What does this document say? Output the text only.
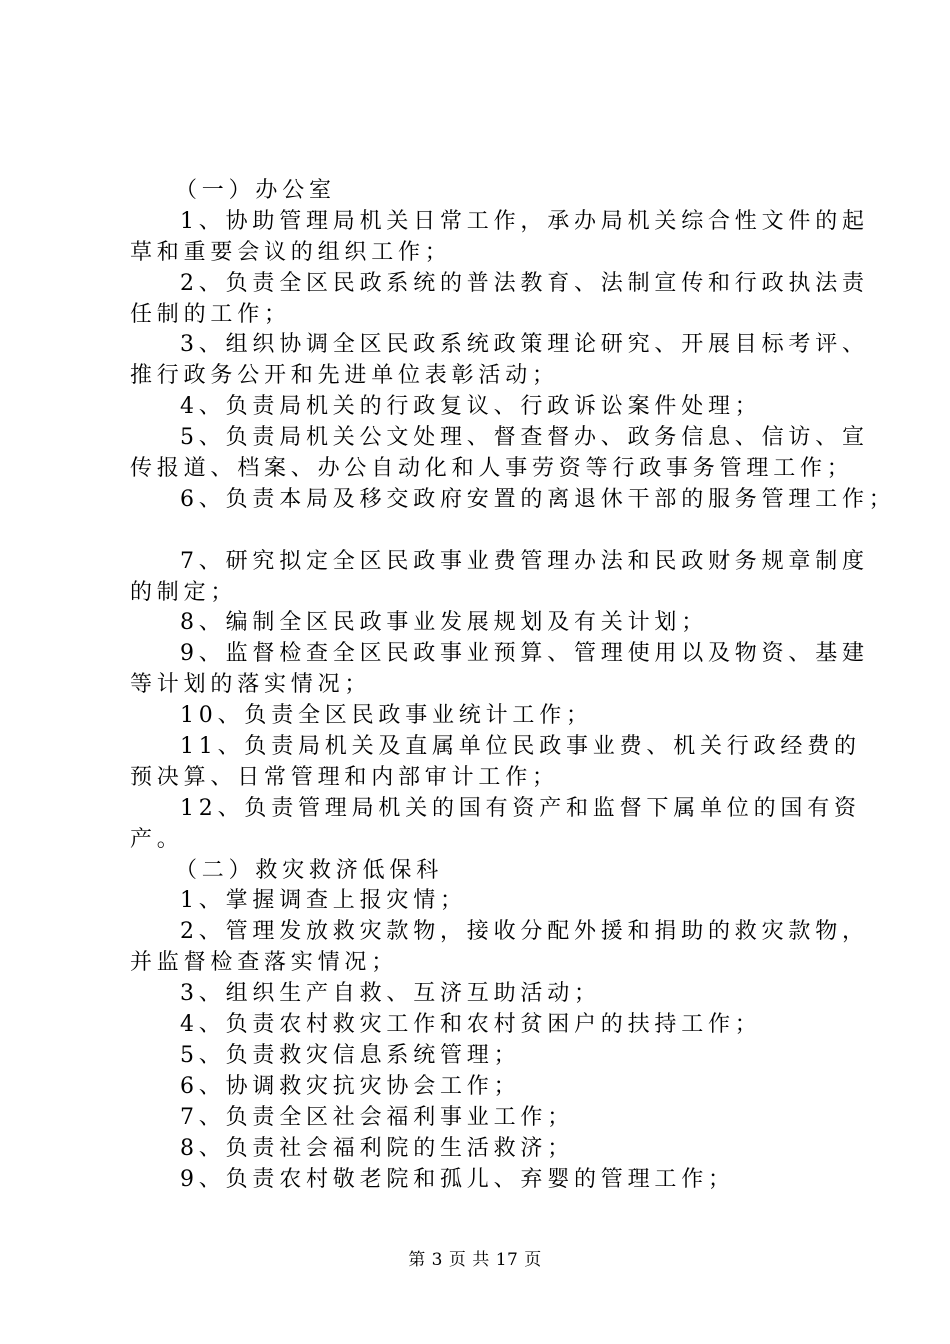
（一）办公室
1、协助管理局机关日常工作，承办局机关综合性文件的起
草和重要会议的组织工作；
2、负责全区民政系统的普法教育、法制宣传和行政执法责
任制的工作；
3、组织协调全区民政系统政策理论研究、开展目标考评、
推行政务公开和先进单位表彰活动；
4、负责局机关的行政复议、行政诉讼案件处理；
5、负责局机关公文处理、督查督办、政务信息、信访、宣
传报道、档案、办公自动化和人事劳资等行政事务管理工作；
6、负责本局及移交政府安置的离退休干部的服务管理工作；
7、研究拟定全区民政事业费管理办法和民政财务规章制度
的制定；
8、编制全区民政事业发展规划及有关计划；
9、监督检查全区民政事业预算、管理使用以及物资、基建
等计划的落实情况；
10、负责全区民政事业统计工作；
11、负责局机关及直属单位民政事业费、机关行政经费的
预决算、日常管理和内部审计工作；
12、负责管理局机关的国有资产和监督下属单位的国有资
产。
（二）救灾救济低保科
1、掌握调查上报灾情；
2、管理发放救灾款物，接收分配外援和捐助的救灾款物，
并监督检查落实情况；
3、组织生产自救、互济互助活动；
4、负责农村救灾工作和农村贫困户的扶持工作；
5、负责救灾信息系统管理；
6、协调救灾抗灾协会工作；
7、负责全区社会福利事业工作；
8、负责社会福利院的生活救济；
9、负责农村敬老院和孤儿、弃婴的管理工作；
第 3 页 共 17 页
